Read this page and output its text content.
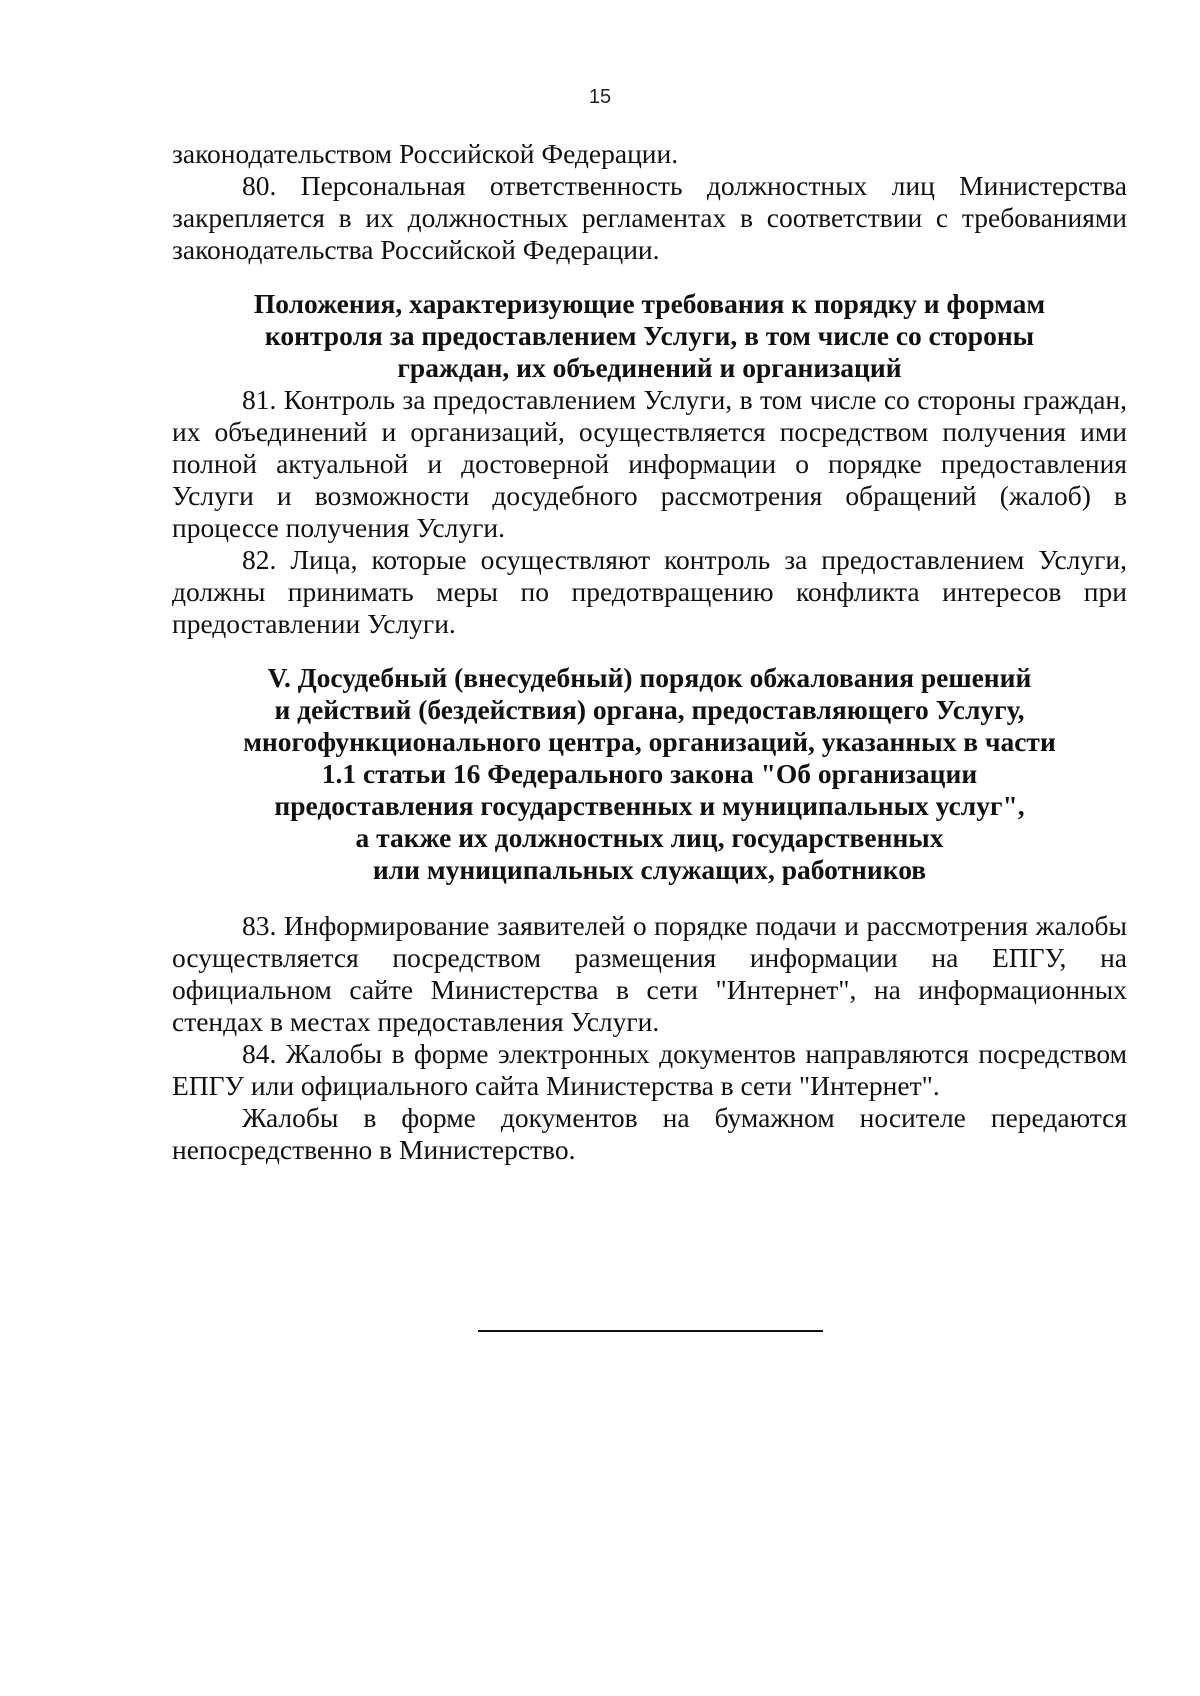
15

законодательством Российской Федерации.

80. Персональная ответственность должностных лиц Министерства закрепляется в их должностных регламентах в соответствии с требованиями законодательства Российской Федерации.

Положения, характеризующие требования к порядку и формам

контроля за предоставлением Услуги, в том числе со стороны

граждан, их объединений и организаций

81. Контроль за предоставлением Услуги, в том числе со стороны граждан, их объединений и организаций, осуществляется посредством получения ими полной актуальной и достоверной информации о порядке предоставления Услуги и возможности досудебного рассмотрения обращений (жалоб) в процессе получения Услуги.

82. Лица, которые осуществляют контроль за предоставлением Услуги, должны принимать меры по предотвращению конфликта интересов при предоставлении Услуги.

V. Досудебный (внесудебный) порядок обжалования решений

и действий (бездействия) органа, предоставляющего Услугу,

многофункционального центра, организаций, указанных в части

1.1 статьи 16 Федерального закона "Об организации

предоставления государственных и муниципальных услуг",

а также их должностных лиц, государственных

или муниципальных служащих, работников

83. Информирование заявителей о порядке подачи и рассмотрения жалобы осуществляется посредством размещения информации на ЕПГУ, на официальном сайте Министерства в сети "Интернет", на информационных стендах в местах предоставления Услуги.

84. Жалобы в форме электронных документов направляются посредством ЕПГУ или официального сайта Министерства в сети "Интернет".

Жалобы в форме документов на бумажном носителе передаются непосредственно в Министерство.
